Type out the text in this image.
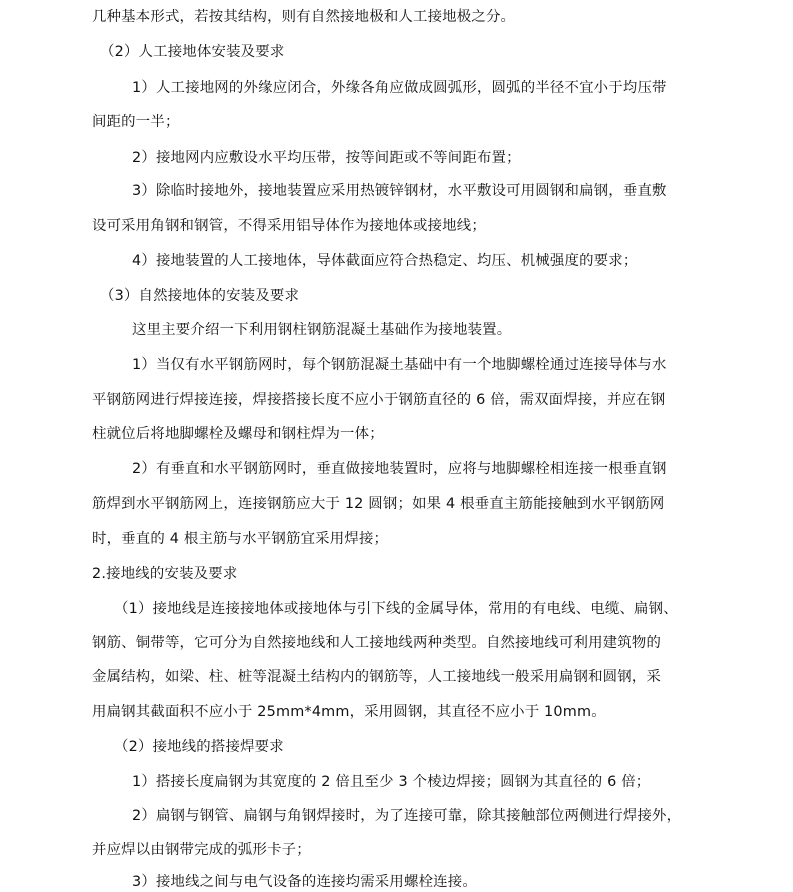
几种基本形式，若按其结构，则有自然接地极和人工接地极之分。
（2）人工接地体安装及要求
1）人工接地网的外缘应闭合，外缘各角应做成圆弧形，圆弧的半径不宜小于均压带
间距的一半；
2）接地网内应敷设水平均压带，按等间距或不等间距布置；
3）除临时接地外，接地装置应采用热镀锌钢材，水平敷设可用圆钢和扁钢，垂直敷
设可采用角钢和钢管，不得采用铝导体作为接地体或接地线；
4）接地装置的人工接地体，导体截面应符合热稳定、均压、机械强度的要求；
（3）自然接地体的安装及要求
这里主要介绍一下利用钢柱钢筋混凝土基础作为接地装置。
1）当仅有水平钢筋网时，每个钢筋混凝土基础中有一个地脚螺栓通过连接导体与水
平钢筋网进行焊接连接，焊接搭接长度不应小于钢筋直径的 6 倍，需双面焊接，并应在钢
柱就位后将地脚螺栓及螺母和钢柱焊为一体；
2）有垂直和水平钢筋网时，垂直做接地装置时，应将与地脚螺栓相连接一根垂直钢
筋焊到水平钢筋网上，连接钢筋应大于 12 圆钢；如果 4 根垂直主筋能接触到水平钢筋网
时，垂直的 4 根主筋与水平钢筋宜采用焊接；
2.接地线的安装及要求
（1）接地线是连接接地体或接地体与引下线的金属导体，常用的有电线、电缆、扁钢、
钢筋、铜带等，它可分为自然接地线和人工接地线两种类型。自然接地线可利用建筑物的
金属结构，如梁、柱、桩等混凝土结构内的钢筋等，人工接地线一般采用扁钢和圆钢，采
用扁钢其截面积不应小于 25mm*4mm，采用圆钢，其直径不应小于 10mm。
（2）接地线的搭接焊要求
1）搭接长度扁钢为其宽度的 2 倍且至少 3 个棱边焊接；圆钢为其直径的 6 倍；
2）扁钢与钢管、扁钢与角钢焊接时，为了连接可靠，除其接触部位两侧进行焊接外，
并应焊以由钢带完成的弧形卡子；
3）接地线之间与电气设备的连接均需采用螺栓连接。
